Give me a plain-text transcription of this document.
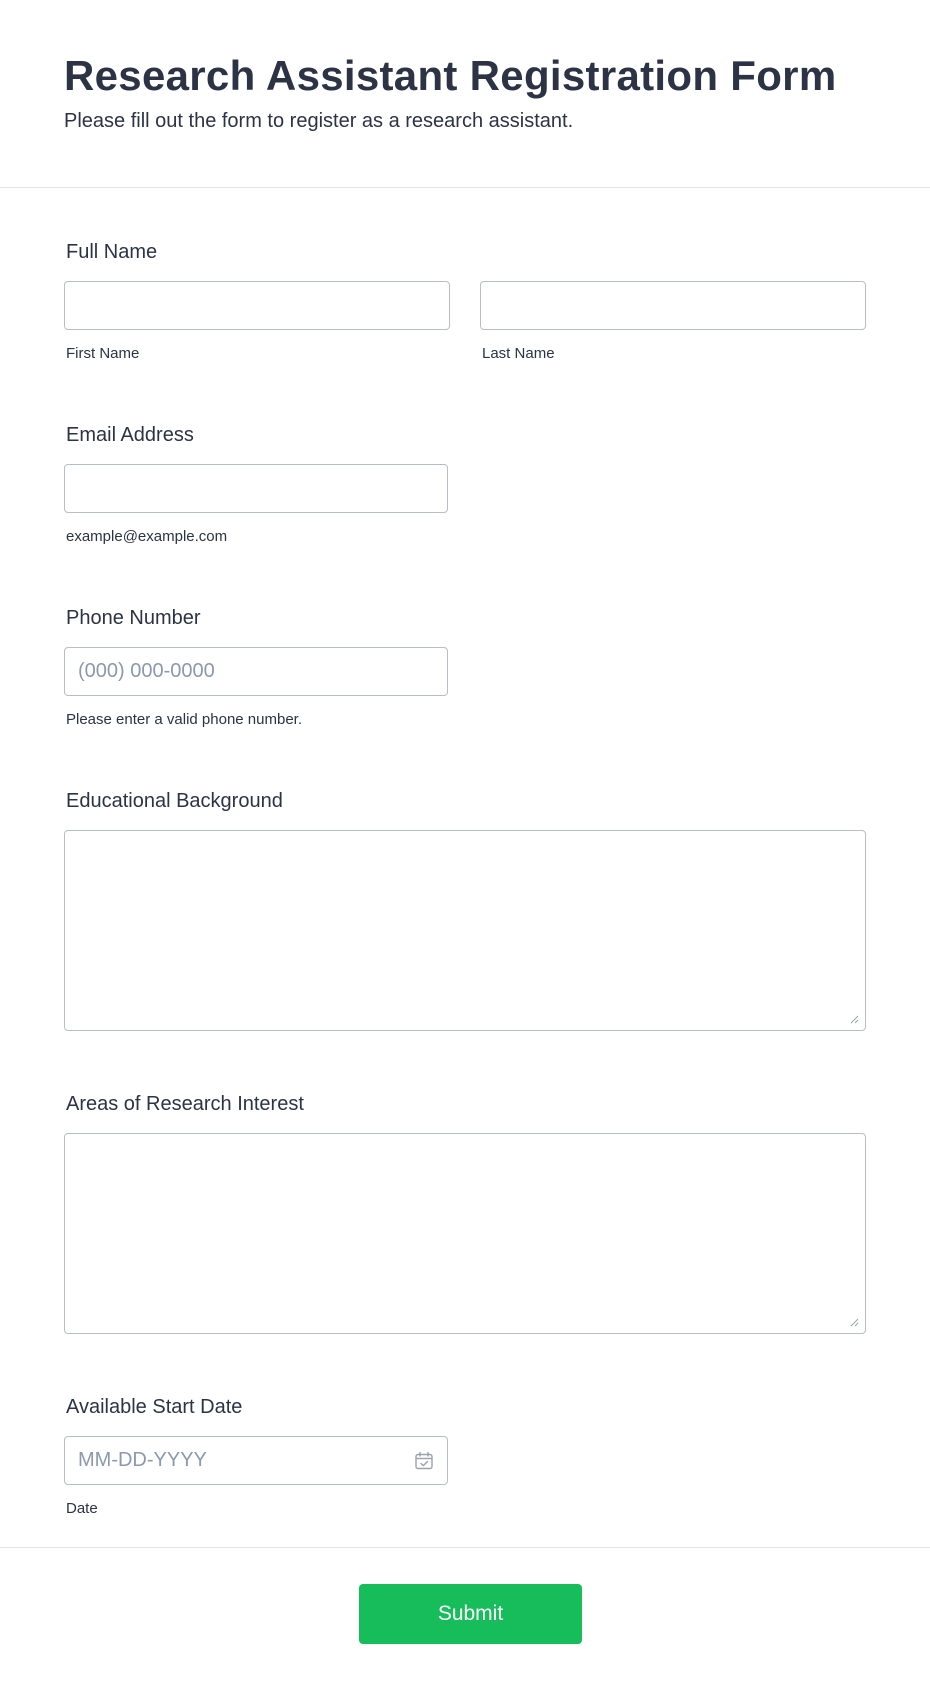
Research Assistant Registration Form

Please fill out the form to register as a research assistant.

Full Name
First Name	Last Name
Email Address
example@example.com
Phone Number
(000) 000-0000
Please enter a valid phone number.
Educational Background
Areas of Research Interest
Available Start Date
MM-DD-YYYY
Date
Submit
